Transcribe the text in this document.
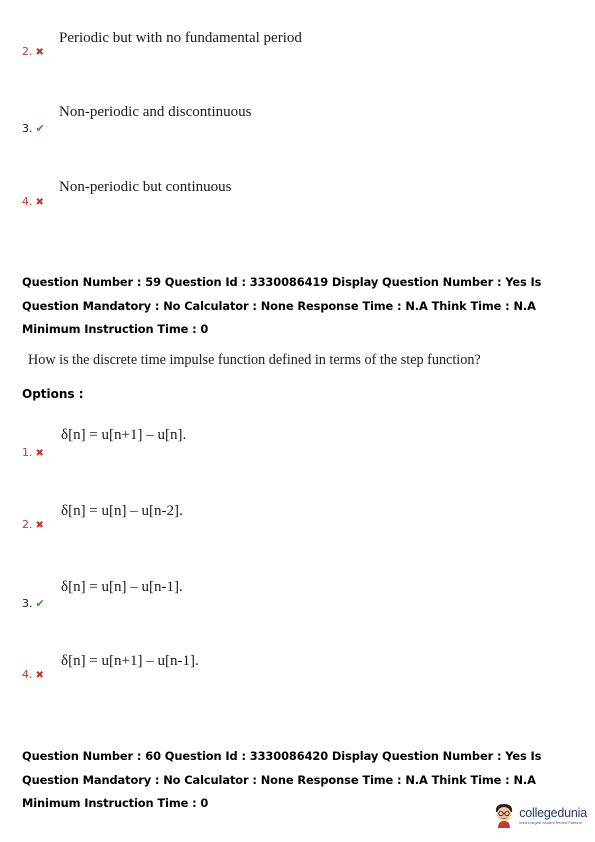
Periodic but with no fundamental period
2. ✖
Non-periodic and discontinuous
3. ✔
Non-periodic but continuous
4. ✖
Question Number : 59 Question Id : 3330086419 Display Question Number : Yes Is Question Mandatory : No Calculator : None Response Time : N.A Think Time : N.A Minimum Instruction Time : 0
How is the discrete time impulse function defined in terms of the step function?
Options :
δ[n] = u[n+1] – u[n].
1. ✖
δ[n] = u[n] – u[n-2].
2. ✖
δ[n] = u[n] – u[n-1].
3. ✔
δ[n] = u[n+1] – u[n-1].
4. ✖
Question Number : 60 Question Id : 3330086420 Display Question Number : Yes Is Question Mandatory : No Calculator : None Response Time : N.A Think Time : N.A Minimum Instruction Time : 0
collegedunia
India's largest Student Review Platform
